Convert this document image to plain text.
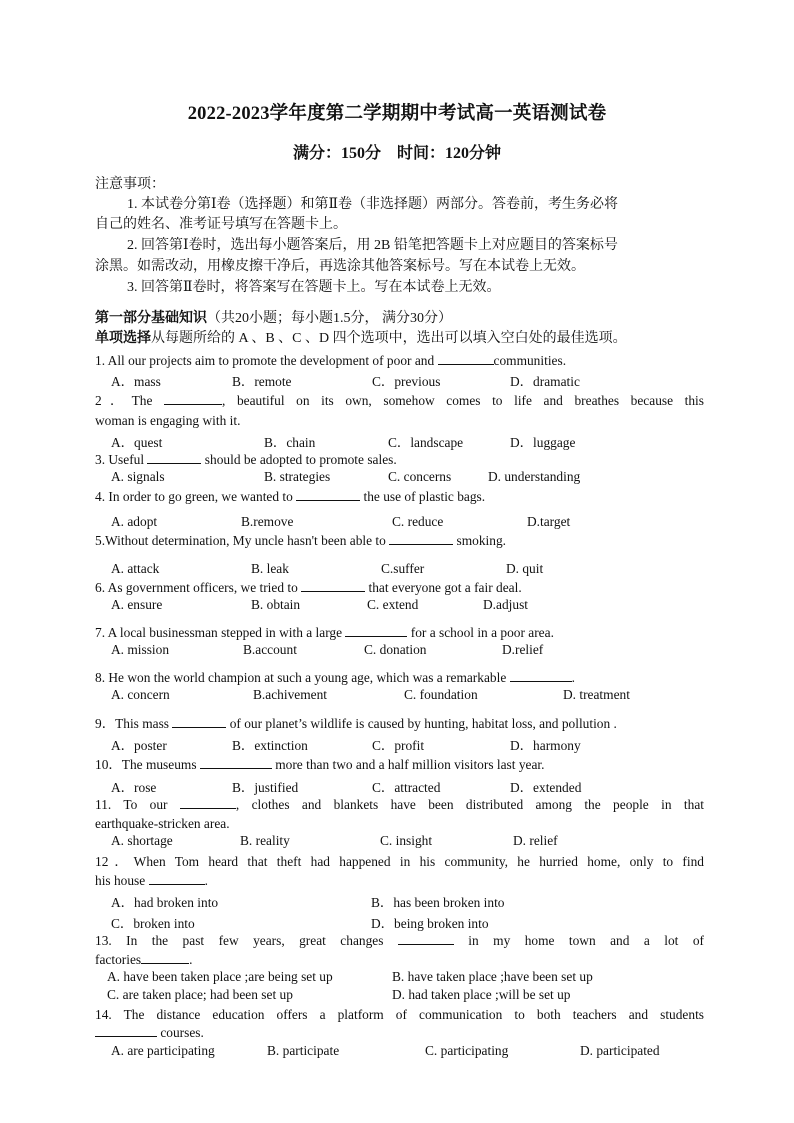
2022-2023学年度第二学期期中考试高一英语测试卷
满分：150分　时间：120分钟
注意事项：
1. 本试卷分第Ⅰ卷（选择题）和第Ⅱ卷（非选择题）两部分。答卷前，考生务必将
自己的姓名、准考证号填写在答题卡上。
2. 回答第Ⅰ卷时，选出每小题答案后，用 2B 铅笔把答题卡上对应题目的答案标号
涂黑。如需改动，用橡皮擦干净后，再选涂其他答案标号。写在本试卷上无效。
3. 回答第Ⅱ卷时，将答案写在答题卡上。写在本试卷上无效。
第一部分基础知识（共20小题；每小题1.5分， 满分30分）
单项选择从每题所给的 A 、B 、C 、D 四个选项中，选出可以填入空白处的最佳选项。
1. All our projects aim to promote the development of poor and	communities.
A．mass	B．remote	C．previous	D．dramatic
2．The	, beautiful on its own, somehow comes to life and breathes because this
woman is engaging with it.
A．quest	B．chain	C．landscape	D．luggage
3. Useful	should be adopted to promote sales.
A. signals	B. strategies	C. concerns	D. understanding
4. In order to go green, we wanted to	the use of plastic bags.
A. adopt	B.remove	C. reduce	D.target
5.Without determination, My uncle hasn't been able to	smoking.
A. attack	B. leak	C.suffer	D. quit
6. As government officers, we tried to	that everyone got a fair deal.
A. ensure	B. obtain	C. extend	D.adjust
7. A local businessman stepped in with a large	for a school in a poor area.
A. mission	B.account	C. donation	D.relief
8. He won the world champion at such a young age, which was a remarkable	.
A. concern	B.achivement	C. foundation	D. treatment
9．This mass	of our planet’s wildlife is caused by hunting, habitat loss, and pollution .
A．poster	B．extinction	C．profit	D．harmony
10．The museums	more than two and a half million visitors last year.
A．rose	B．justified	C．attracted	D．extended
11. To our	, clothes and blankets have been distributed among the people in that
earthquake-stricken area.
A. shortage	B. reality	C. insight	D. relief
12．When Tom heard that theft had happened in his community, he hurried home, only to find
his house	.
A．had broken into	B．has been broken into
C．broken into	D．being broken into
13. In the past few years, great changes	in my home town and a lot of
factories	.
A. have been taken place ;are being set up	B. have taken place ;have been set up
C. are taken place; had been set up	D. had taken place ;will be set up
14. The distance education offers a platform of communication to both teachers and students
courses.
A. are participating	B. participate	C. participating	D. participated
